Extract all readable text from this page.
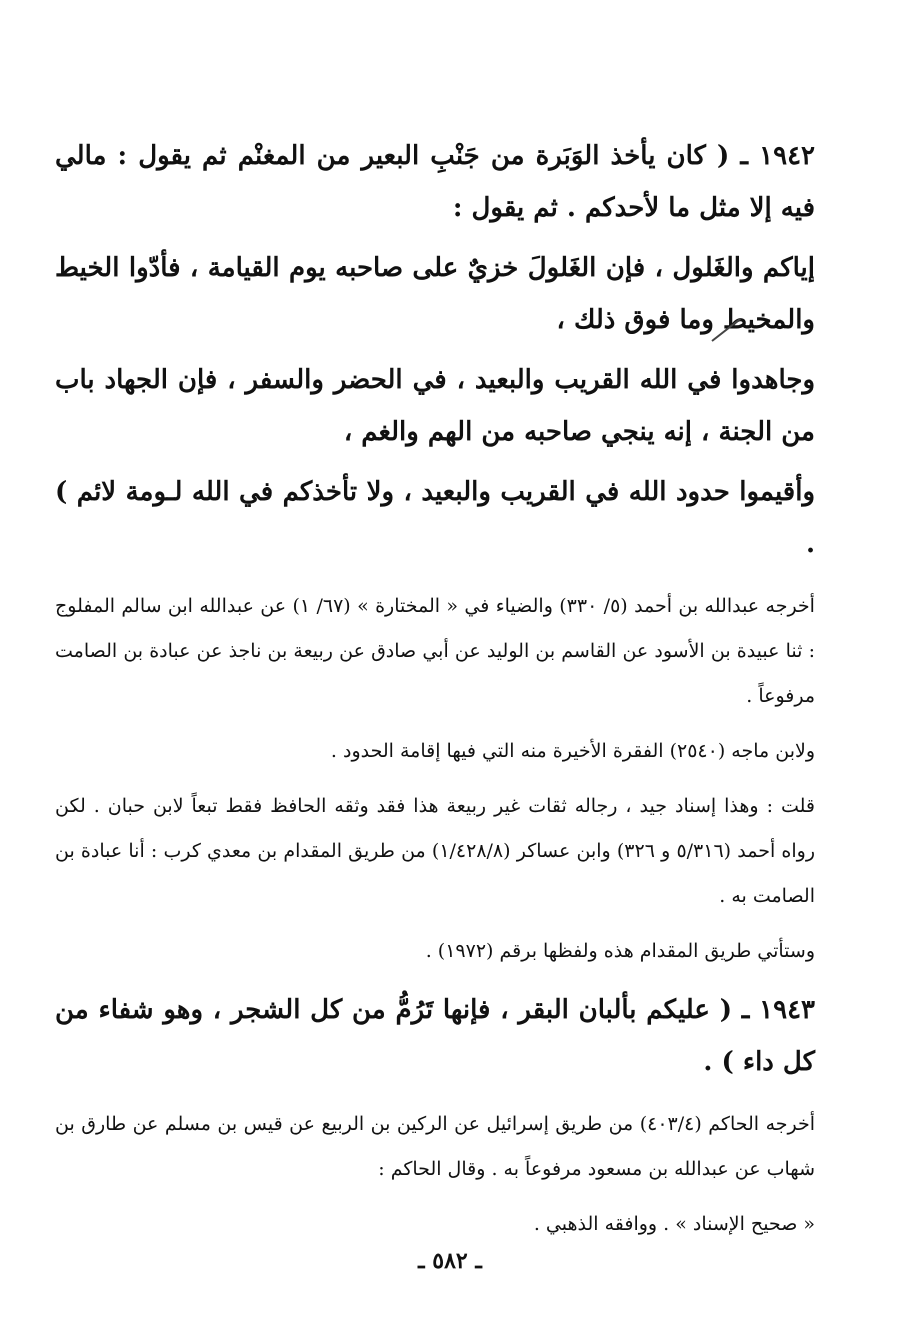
١٩٤٢ ـ ( كان يأخذ الوَبَرة من جَنْبِ البعير من المغنْم ثم يقول : مالي فيه إلا مثل ما لأحدكم . ثم يقول :

إياكم والغَلول ، فإن الغَلولَ خزيٌ على صاحبه يوم القيامة ، فأدّوا الخيط والمخيط وما فوق ذلك ،

وجاهدوا في الله القريب والبعيد ، في الحضر والسفر ، فإن الجهاد باب من الجنة ، إنه ينجي صاحبه من الهم والغم ،

وأقيموا حدود الله في القريب والبعيد ، ولا تأخذكم في الله لـومة لائم ) .

أخرجه عبدالله بن أحمد (٥/ ٣٣٠) والضياء في « المختارة » (٦٧/ ١) عن عبدالله ابن سالم المفلوج : ثنا عبيدة بن الأسود عن القاسم بن الوليد عن أبي صادق عن ربيعة بن ناجذ عن عبادة بن الصامت مرفوعاً .

ولابن ماجه (٢٥٤٠) الفقرة الأخيرة منه التي فيها إقامة الحدود .

قلت : وهذا إسناد جيد ، رجاله ثقات غير ربيعة هذا فقد وثقه الحافظ فقط تبعاً لابن حبان . لكن رواه أحمد (٥/٣١٦ و ٣٢٦) وابن عساكر (١/٤٢٨/٨) من طريق المقدام بن معدي كرب : أنا عبادة بن الصامت به .

وستأتي طريق المقدام هذه ولفظها برقم (١٩٧٢) .

١٩٤٣ ـ ( عليكم بألبان البقر ، فإنها تَرُمُّ من كل الشجر ، وهو شفاء من كل داء ) .

أخرجه الحاكم (٤٠٣/٤) من طريق إسرائيل عن الركين بن الربيع عن قيس بن مسلم عن طارق بن شهاب عن عبدالله بن مسعود مرفوعاً به . وقال الحاكم :

« صحيح الإسناد » . ووافقه الذهبي .

ـ ٥٨٢ ـ
